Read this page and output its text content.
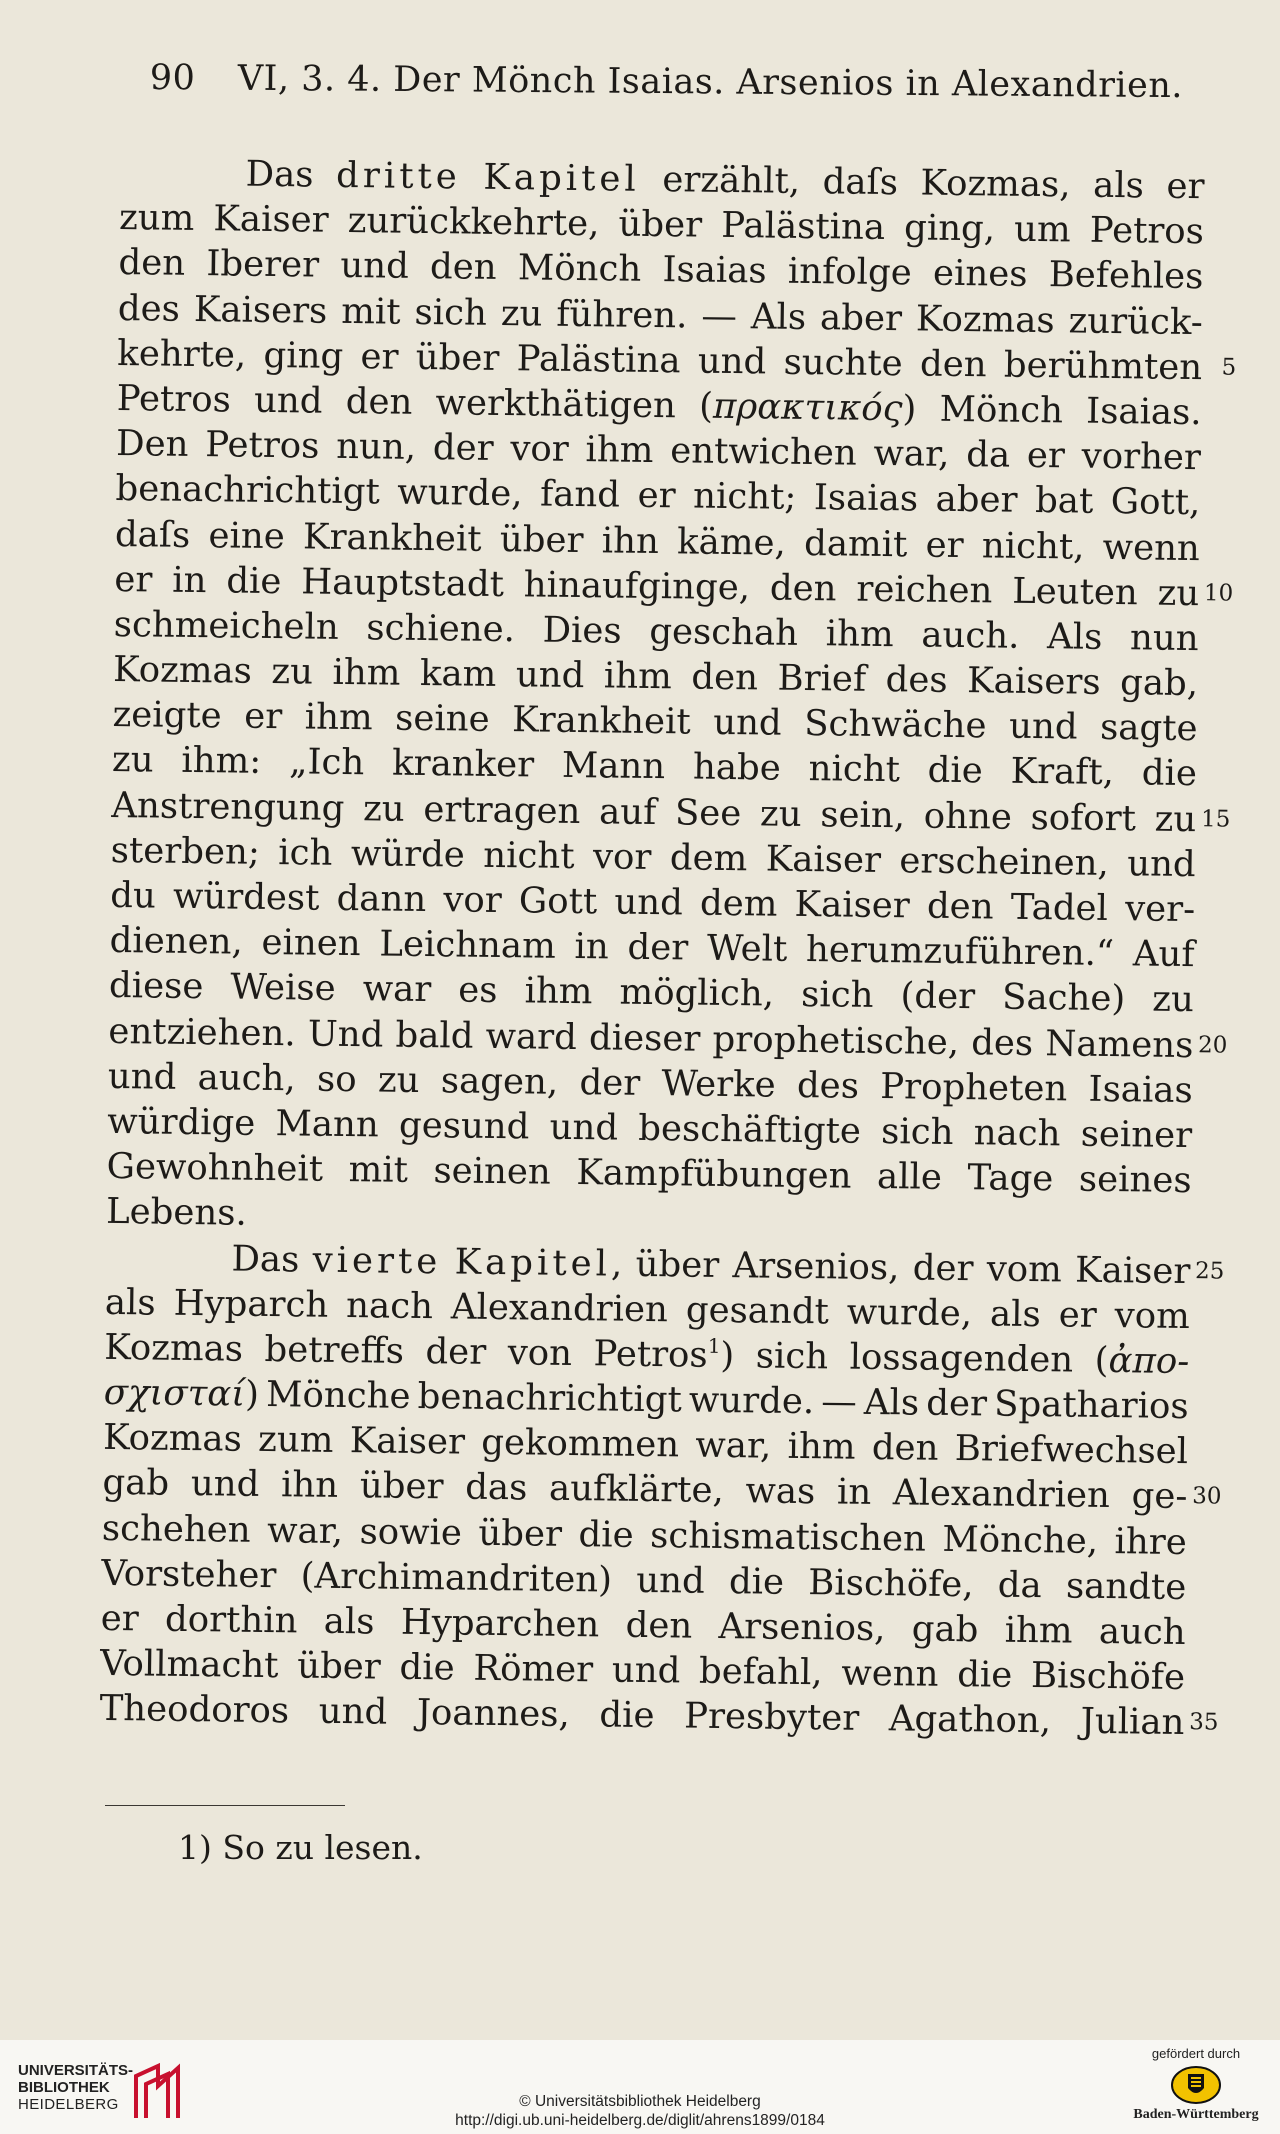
90 VI, 3. 4. Der Mönch Isaias. Arsenios in Alexandrien.
Das dritte Kapitel erzählt, daſs Kozmas, als er
zum Kaiser zurückkehrte, über Palästina ging, um Petros
den Iberer und den Mönch Isaias infolge eines Befehles
des Kaisers mit sich zu führen. — Als aber Kozmas zurück-
kehrte, ging er über Palästina und suchte den berühmten 5
Petros und den werkthätigen (πρακτικός) Mönch Isaias.
Den Petros nun, der vor ihm entwichen war, da er vorher
benachrichtigt wurde, fand er nicht; Isaias aber bat Gott,
daſs eine Krankheit über ihn käme, damit er nicht, wenn
er in die Hauptstadt hinaufginge, den reichen Leuten zu 10
schmeicheln schiene. Dies geschah ihm auch. Als nun
Kozmas zu ihm kam und ihm den Brief des Kaisers gab,
zeigte er ihm seine Krankheit und Schwäche und sagte
zu ihm: „Ich kranker Mann habe nicht die Kraft, die
Anstrengung zu ertragen auf See zu sein, ohne sofort zu 15
sterben; ich würde nicht vor dem Kaiser erscheinen, und
du würdest dann vor Gott und dem Kaiser den Tadel ver-
dienen, einen Leichnam in der Welt herumzuführen.“ Auf
diese Weise war es ihm möglich, sich (der Sache) zu
entziehen. Und bald ward dieser prophetische, des Namens 20
und auch, so zu sagen, der Werke des Propheten Isaias
würdige Mann gesund und beschäftigte sich nach seiner
Gewohnheit mit seinen Kampfübungen alle Tage seines
Lebens.
Das vierte Kapitel, über Arsenios, der vom Kaiser 25
als Hyparch nach Alexandrien gesandt wurde, als er vom
Kozmas betreffs der von Petros$^1$) sich lossagenden (ἀπο-
σχισταί) Mönche benachrichtigt wurde. — Als der Spatharios
Kozmas zum Kaiser gekommen war, ihm den Briefwechsel
gab und ihn über das aufklärte, was in Alexandrien ge- 30
schehen war, sowie über die schismatischen Mönche, ihre
Vorsteher (Archimandriten) und die Bischöfe, da sandte
er dorthin als Hyparchen den Arsenios, gab ihm auch
Vollmacht über die Römer und befahl, wenn die Bischöfe
Theodoros und Joannes, die Presbyter Agathon, Julian 35
1) So zu lesen.
UNIVERSITÄTS-
BIBLIOTHEK
HEIDELBERG	© Universitätsbibliothek Heidelberg
http://digi.ub.uni-heidelberg.de/diglit/ahrens1899/0184
gefördert durch
Baden-Württemberg
